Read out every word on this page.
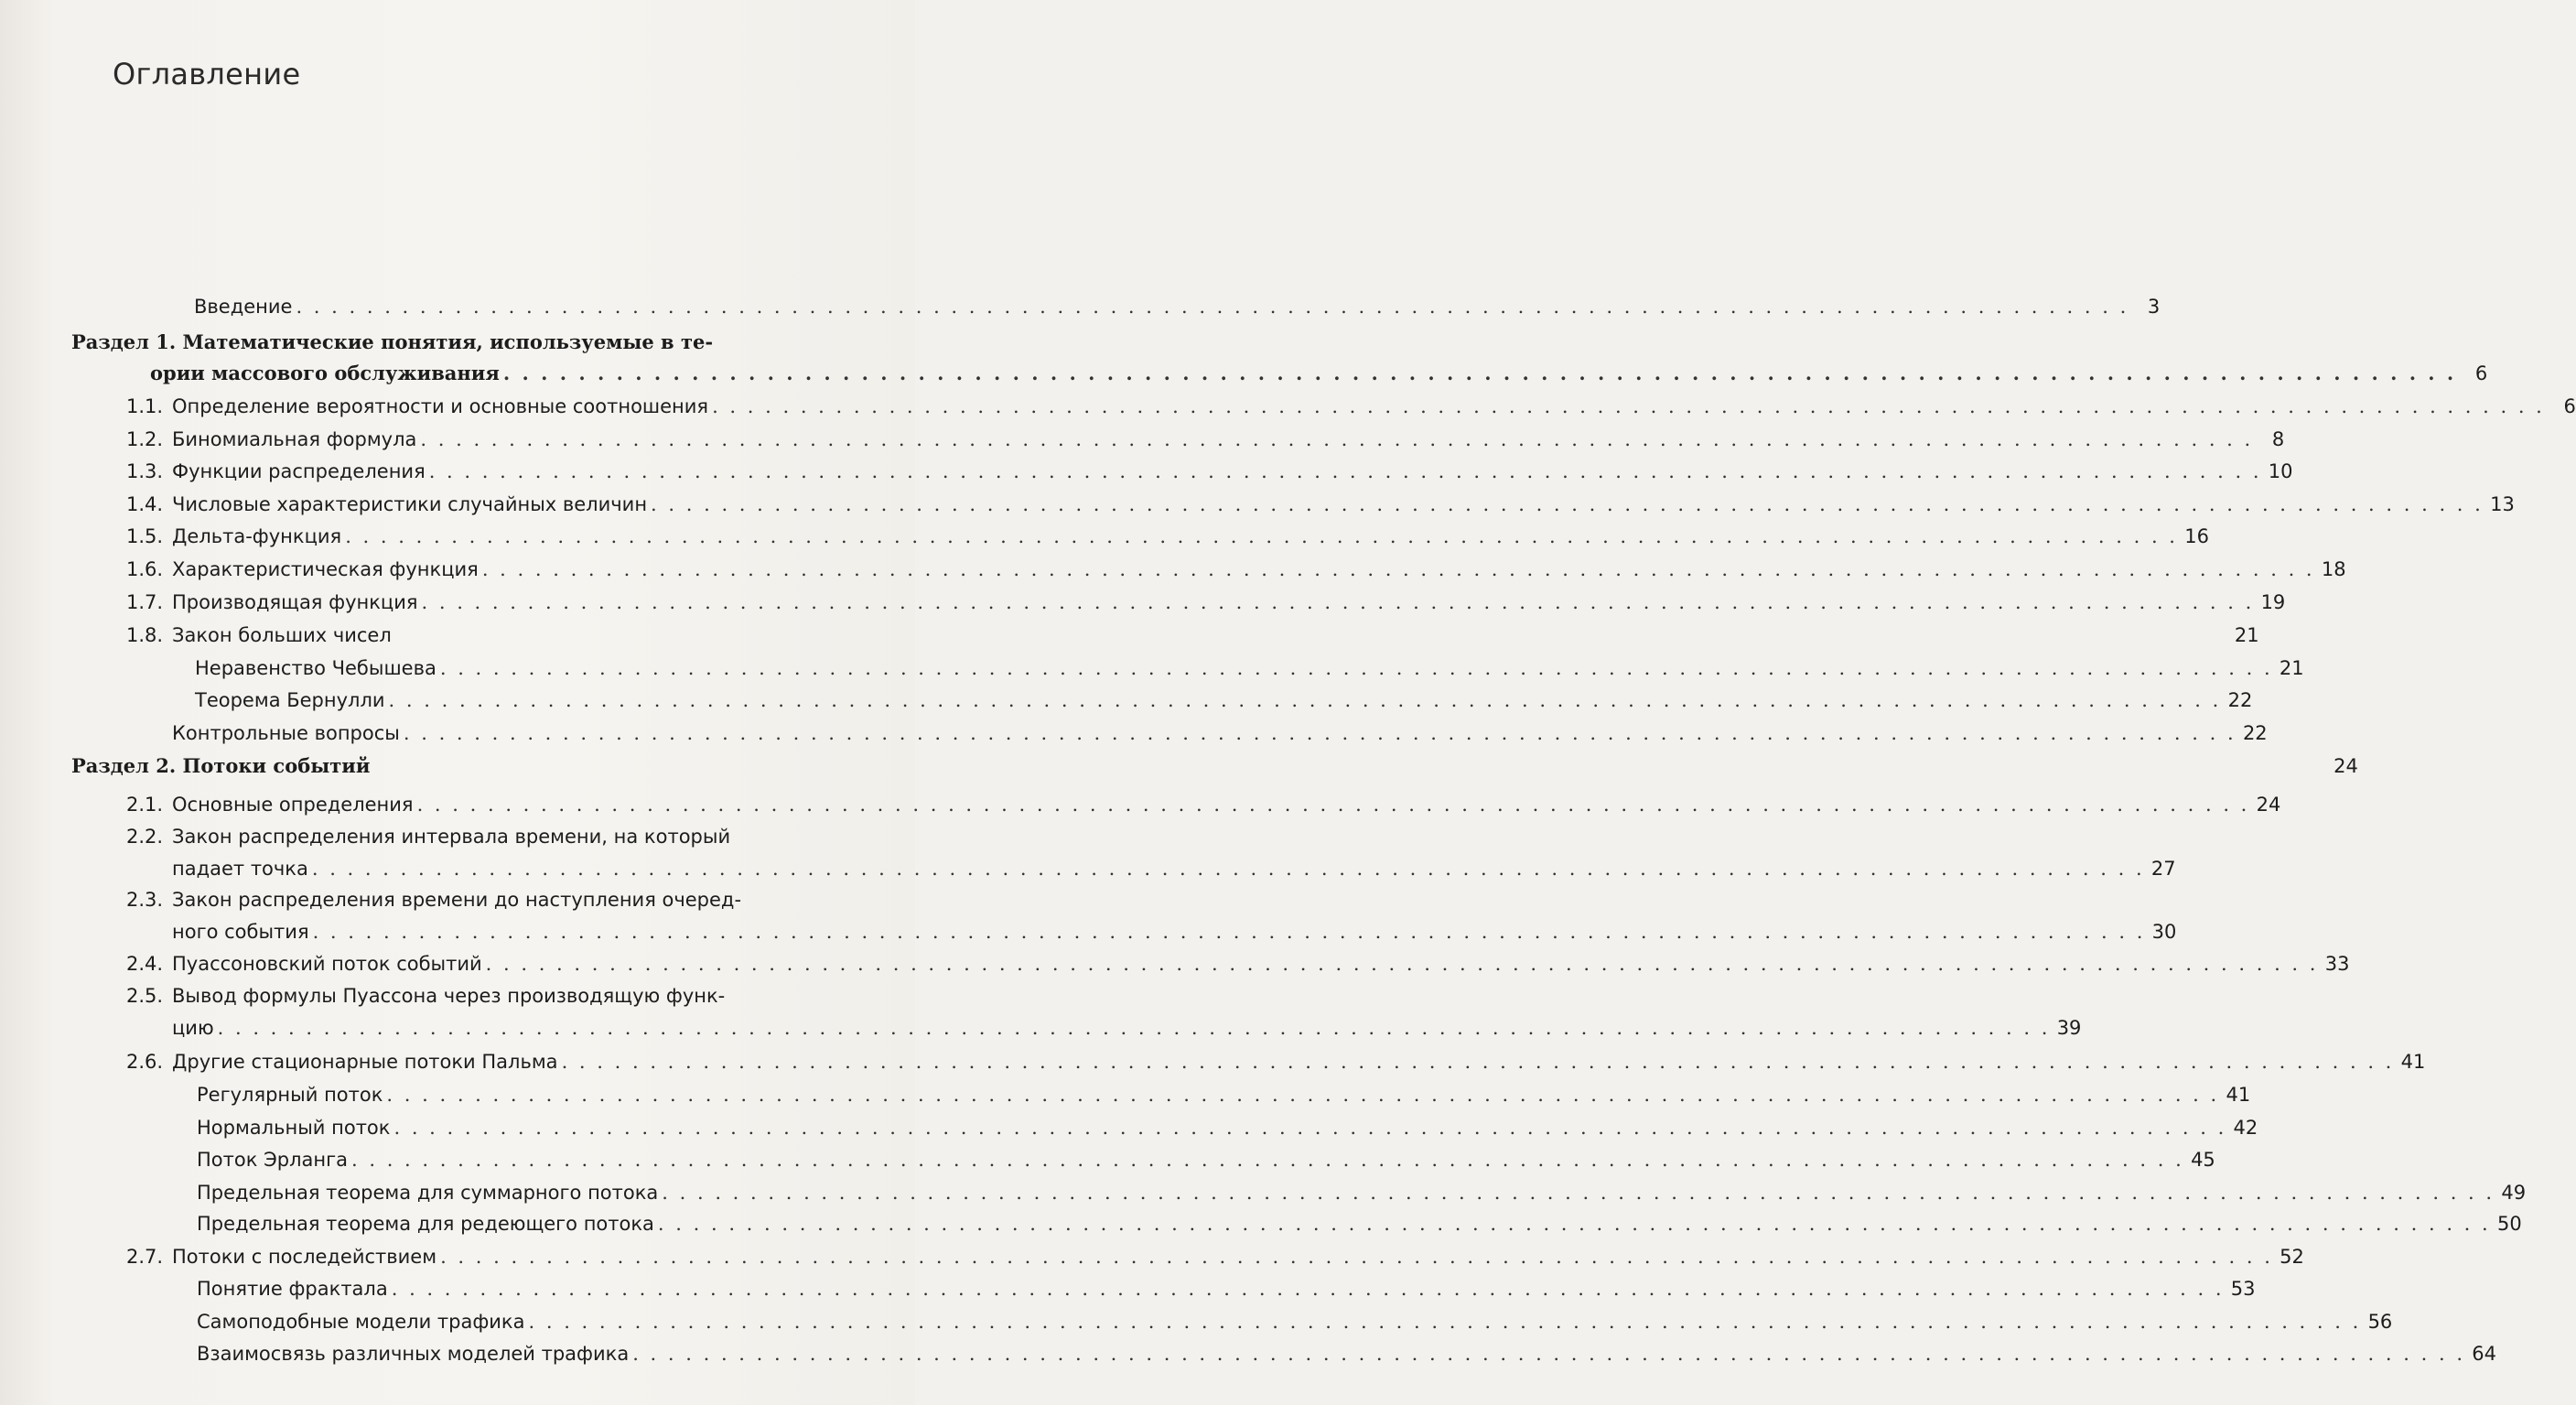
Оглавление
Введение . . .	3
Раздел 1. Математические понятия, используемые в те-
ории массового обслуживания . . .	6
1.1. Определение вероятности и основные соотношения . . .	6
1.2. Биномиальная формула . . .	8
1.3. Функции распределения . . .	10
1.4. Числовые характеристики случайных величин . . .	13
1.5. Дельта-функция . . .	16
1.6. Характеристическая функция . . .	18
1.7. Производящая функция . . .	19
1.8. Закон больших чисел	21
Неравенство Чебышева . . .	21
Теорема Бернулли . . .	22
Контрольные вопросы . . .	22
Раздел 2. Потоки событий	24
2.1. Основные определения . . .	24
2.2. Закон распределения интервала времени, на который
падает точка . . .	27
2.3. Закон распределения времени до наступления очеред-
ного события . . .	30
2.4. Пуассоновский поток событий . . .	33
2.5. Вывод формулы Пуассона через производящую функ-
цию . . .	39
2.6. Другие стационарные потоки Пальма . . .	41
Регулярный поток . . .	41
Нормальный поток . . .	42
Поток Эрланга . . .	45
Предельная теорема для суммарного потока . . .	49
Предельная теорема для редеющего потока . . .	50
2.7. Потоки с последействием . . .	52
Понятие фрактала . . .	53
Самоподобные модели трафика . . .	56
Взаимосвязь различных моделей трафика . . .	64
